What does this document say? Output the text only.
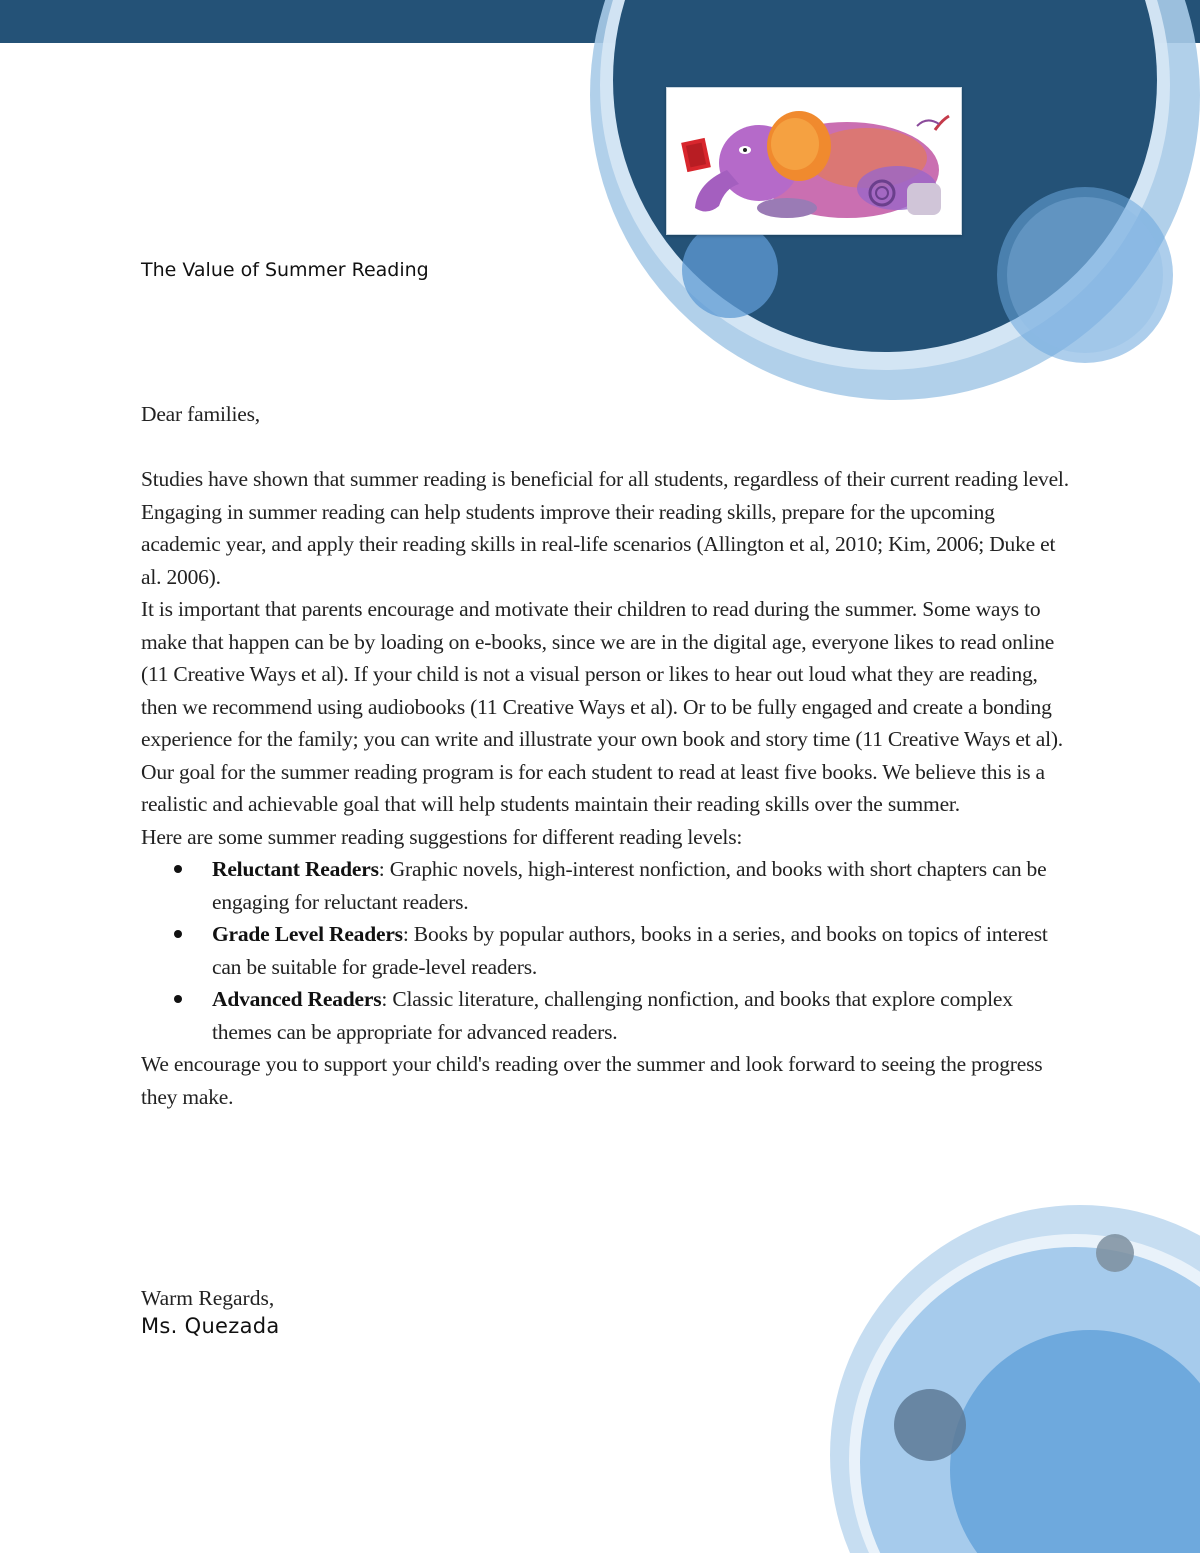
The Value of Summer Reading

Dear families,

Studies have shown that summer reading is beneficial for all students, regardless of their current reading level. Engaging in summer reading can help students improve their reading skills, prepare for the upcoming academic year, and apply their reading skills in real-life scenarios (Allington et al, 2010; Kim, 2006; Duke et al. 2006).

It is important that parents encourage and motivate their children to read during the summer. Some ways to make that happen can be by loading on e-books, since we are in the digital age, everyone likes to read online (11 Creative Ways et al). If your child is not a visual person or likes to hear out loud what they are reading, then we recommend using audiobooks (11 Creative Ways et al). Or to be fully engaged and create a bonding experience for the family; you can write and illustrate your own book and story time (11 Creative Ways et al).

Our goal for the summer reading program is for each student to read at least five books. We believe this is a realistic and achievable goal that will help students maintain their reading skills over the summer.

Here are some summer reading suggestions for different reading levels:

Reluctant Readers: Graphic novels, high-interest nonfiction, and books with short chapters can be engaging for reluctant readers.
Grade Level Readers: Books by popular authors, books in a series, and books on topics of interest can be suitable for grade-level readers.
Advanced Readers: Classic literature, challenging nonfiction, and books that explore complex themes can be appropriate for advanced readers.

We encourage you to support your child's reading over the summer and look forward to seeing the progress they make.

Warm Regards,
Ms. Quezada
